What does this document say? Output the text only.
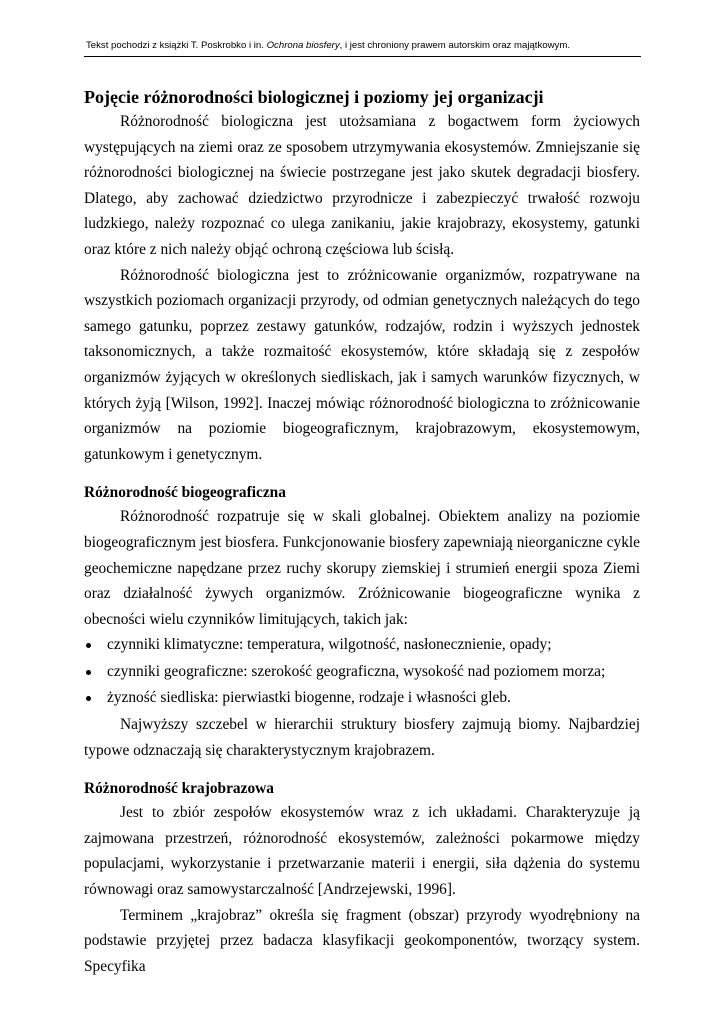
Tekst pochodzi z książki T. Poskrobko i in. Ochrona biosfery, i jest chroniony prawem autorskim oraz majątkowym.
Pojęcie różnorodności biologicznej i poziomy jej organizacji

Różnorodność biologiczna jest utożsamiana z bogactwem form życiowych występujących na ziemi oraz ze sposobem utrzymywania ekosystemów. Zmniejszanie się różnorodności biologicznej na świecie postrzegane jest jako skutek degradacji biosfery. Dlatego, aby zachować dziedzictwo przyrodnicze i zabezpieczyć trwałość rozwoju ludzkiego, należy rozpoznać co ulega zanikaniu, jakie krajobrazy, ekosystemy, gatunki oraz które z nich należy objąć ochroną częściowa lub ścisłą.

Różnorodność biologiczna jest to zróżnicowanie organizmów, rozpatrywane na wszystkich poziomach organizacji przyrody, od odmian genetycznych należących do tego samego gatunku, poprzez zestawy gatunków, rodzajów, rodzin i wyższych jednostek taksonomicznych, a także rozmaitość ekosystemów, które składają się z zespołów organizmów żyjących w określonych siedliskach, jak i samych warunków fizycznych, w których żyją [Wilson, 1992]. Inaczej mówiąc różnorodność biologiczna to zróżnicowanie organizmów na poziomie biogeograficznym, krajobrazowym, ekosystemowym, gatunkowym i genetycznym.

Różnorodność biogeograficzna

Różnorodność rozpatruje się w skali globalnej. Obiektem analizy na poziomie biogeograficznym jest biosfera. Funkcjonowanie biosfery zapewniają nieorganiczne cykle geochemiczne napędzane przez ruchy skorupy ziemskiej i strumień energii spoza Ziemi oraz działalność żywych organizmów. Zróżnicowanie biogeograficzne wynika z obecności wielu czynników limitujących, takich jak:

czynniki klimatyczne: temperatura, wilgotność, nasłonecznienie, opady;
czynniki geograficzne: szerokość geograficzna, wysokość nad poziomem morza;
żyzność siedliska: pierwiastki biogenne, rodzaje i własności gleb.

Najwyższy szczebel w hierarchii struktury biosfery zajmują biomy. Najbardziej typowe odznaczają się charakterystycznym krajobrazem.

Różnorodność krajobrazowa

Jest to zbiór zespołów ekosystemów wraz z ich układami. Charakteryzuje ją zajmowana przestrzeń, różnorodność ekosystemów, zależności pokarmowe między populacjami, wykorzystanie i przetwarzanie materii i energii, siła dążenia do systemu równowagi oraz samowystarczalność [Andrzejewski, 1996].

Terminem „krajobraz” określa się fragment (obszar) przyrody wyodrębniony na podstawie przyjętej przez badacza klasyfikacji geokomponentów, tworzący system. Specyfika
